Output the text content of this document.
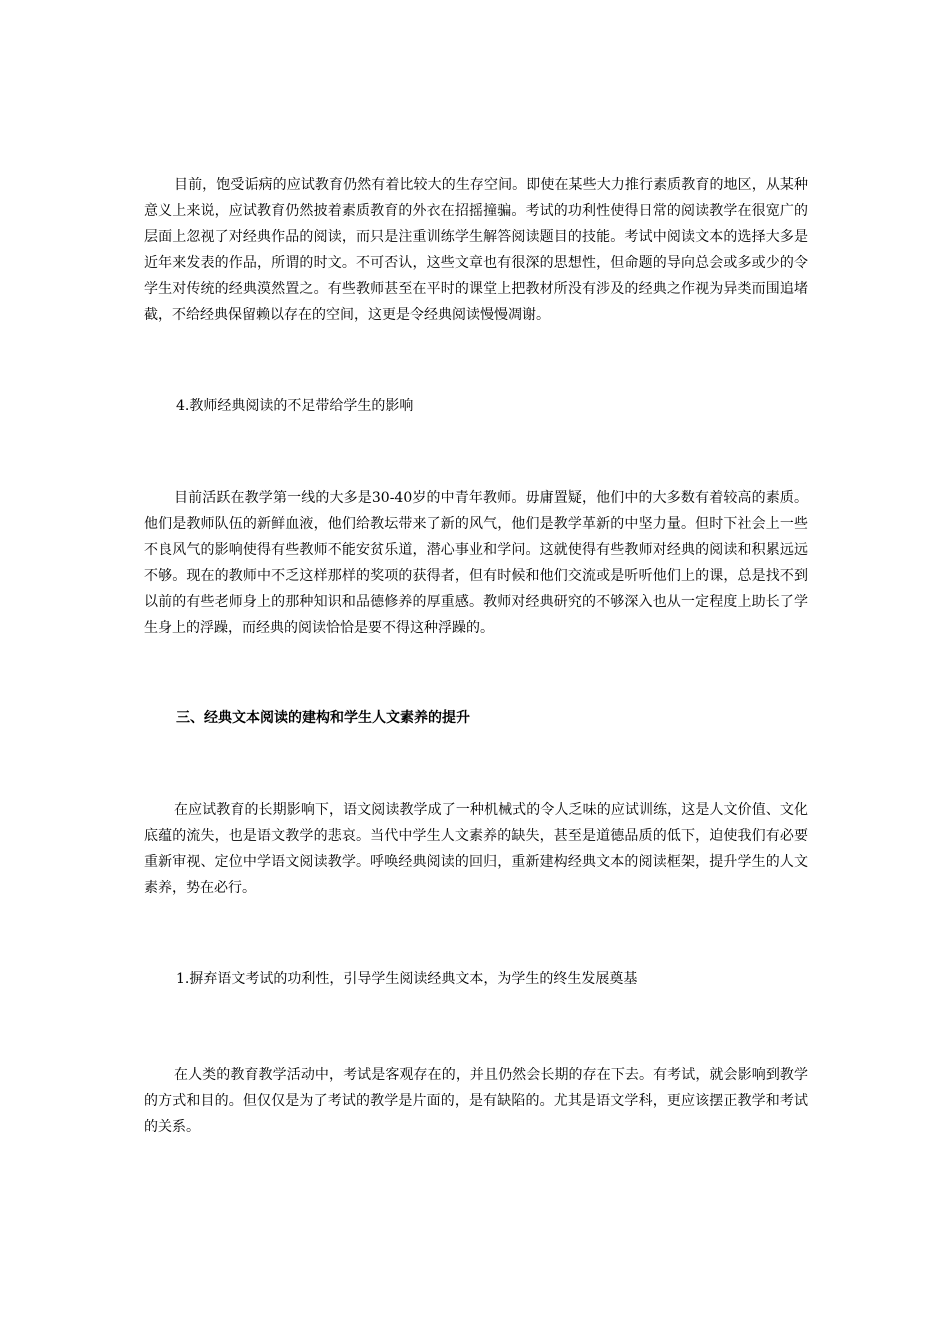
目前，饱受诟病的应试教育仍然有着比较大的生存空间。即使在某些大力推行素质教育的地区，从某种意义上来说，应试教育仍然披着素质教育的外衣在招摇撞骗。考试的功利性使得日常的阅读教学在很宽广的层面上忽视了对经典作品的阅读，而只是注重训练学生解答阅读题目的技能。考试中阅读文本的选择大多是近年来发表的作品，所谓的时文。不可否认，这些文章也有很深的思想性，但命题的导向总会或多或少的令学生对传统的经典漠然置之。有些教师甚至在平时的课堂上把教材所没有涉及的经典之作视为异类而围追堵截，不给经典保留赖以存在的空间，这更是令经典阅读慢慢凋谢。

4.教师经典阅读的不足带给学生的影响

目前活跃在教学第一线的大多是30-40岁的中青年教师。毋庸置疑，他们中的大多数有着较高的素质。他们是教师队伍的新鲜血液，他们给教坛带来了新的风气，他们是教学革新的中坚力量。但时下社会上一些不良风气的影响使得有些教师不能安贫乐道，潜心事业和学问。这就使得有些教师对经典的阅读和积累远远不够。现在的教师中不乏这样那样的奖项的获得者，但有时候和他们交流或是听听他们上的课，总是找不到以前的有些老师身上的那种知识和品德修养的厚重感。教师对经典研究的不够深入也从一定程度上助长了学生身上的浮躁，而经典的阅读恰恰是要不得这种浮躁的。

三、经典文本阅读的建构和学生人文素养的提升

在应试教育的长期影响下，语文阅读教学成了一种机械式的令人乏味的应试训练，这是人文价值、文化底蕴的流失，也是语文教学的悲哀。当代中学生人文素养的缺失，甚至是道德品质的低下，迫使我们有必要重新审视、定位中学语文阅读教学。呼唤经典阅读的回归，重新建构经典文本的阅读框架，提升学生的人文素养，势在必行。

1.摒弃语文考试的功利性，引导学生阅读经典文本，为学生的终生发展奠基

在人类的教育教学活动中，考试是客观存在的，并且仍然会长期的存在下去。有考试，就会影响到教学的方式和目的。但仅仅是为了考试的教学是片面的，是有缺陷的。尤其是语文学科，更应该摆正教学和考试的关系。
